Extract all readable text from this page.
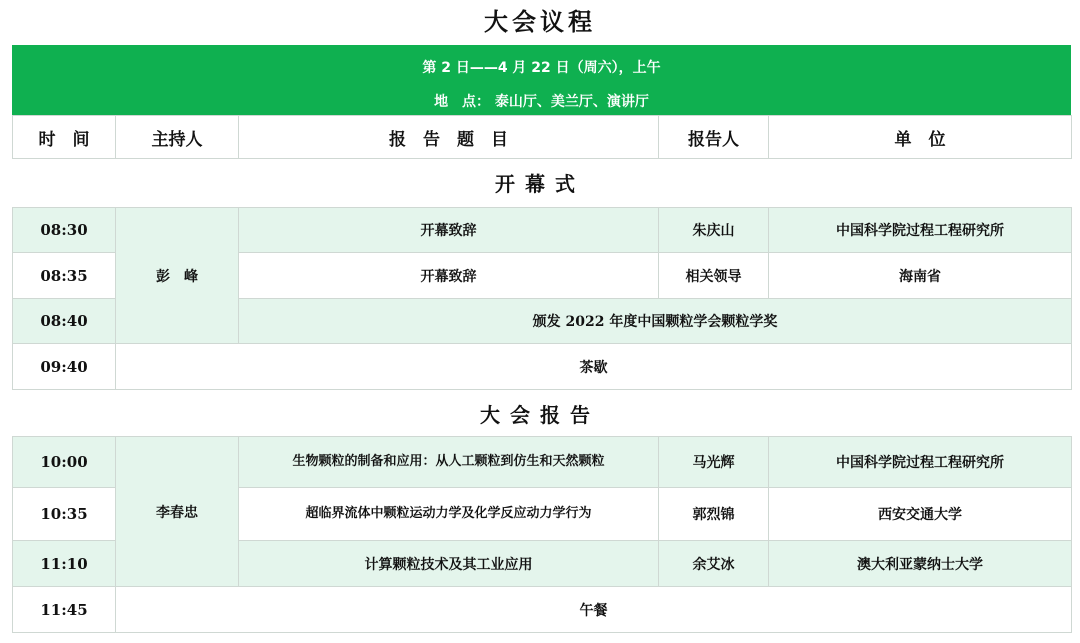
大会议程
第 2 日——4 月 22 日（周六），上午
地　点： 泰山厅、美兰厅、演讲厅
时　间	主持人	报　告　题　目	报告人	单　位
开幕式
08:30	彭　峰	开幕致辞	朱庆山	中国科学院过程工程研究所
08:35		开幕致辞	相关领导	海南省
08:40		颁发 2022 年度中国颗粒学会颗粒学奖		
09:40	茶歇			
大会报告
10:00	李春忠	生物颗粒的制备和应用：从人工颗粒到仿生和天然颗粒	马光辉	中国科学院过程工程研究所
10:35		超临界流体中颗粒运动力学及化学反应动力学行为	郭烈锦	西安交通大学
11:10		计算颗粒技术及其工业应用	余艾冰	澳大利亚蒙纳士大学
11:45	午餐			
